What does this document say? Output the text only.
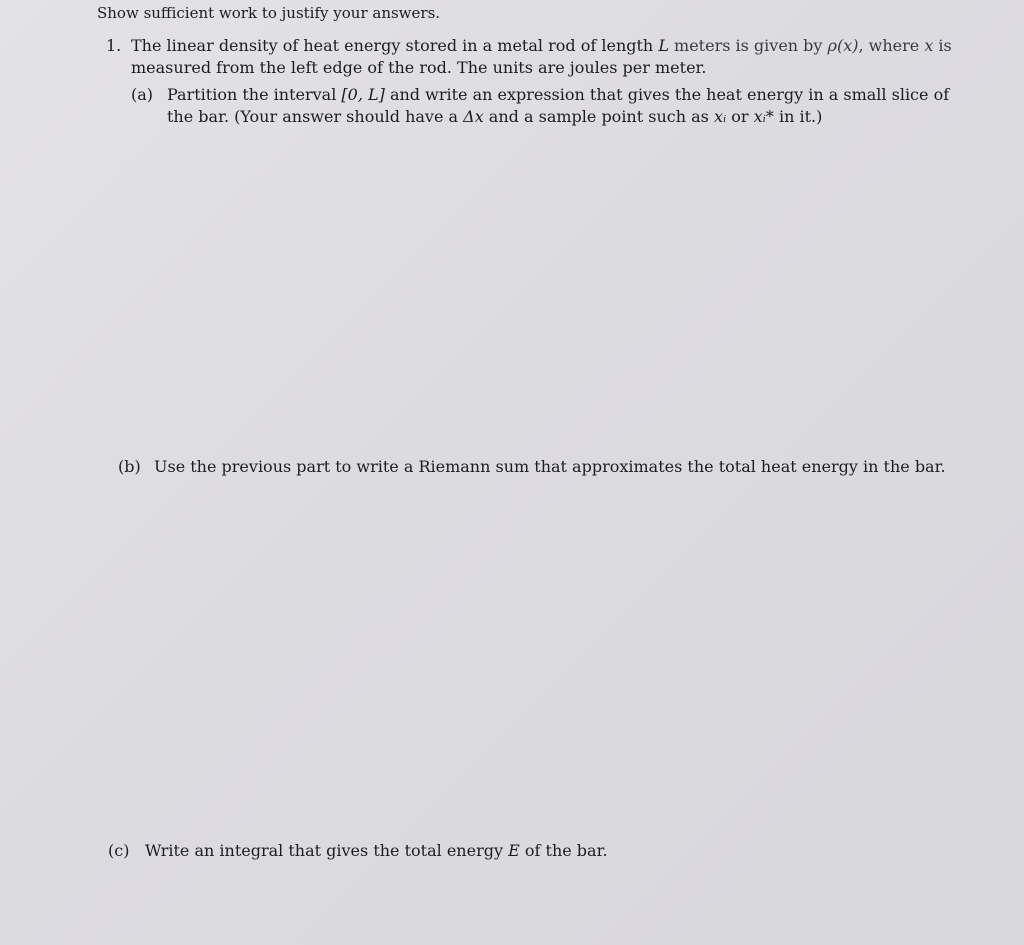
Show sufficient work to justify your answers.
1. The linear density of heat energy stored in a metal rod of length L meters is given by ρ(x), where x is
measured from the left edge of the rod. The units are joules per meter.
(a) Partition the interval [0, L] and write an expression that gives the heat energy in a small slice of
the bar. (Your answer should have a Δx and a sample point such as xᵢ or xᵢ* in it.)
(b) Use the previous part to write a Riemann sum that approximates the total heat energy in the bar.
(c) Write an integral that gives the total energy E of the bar.
